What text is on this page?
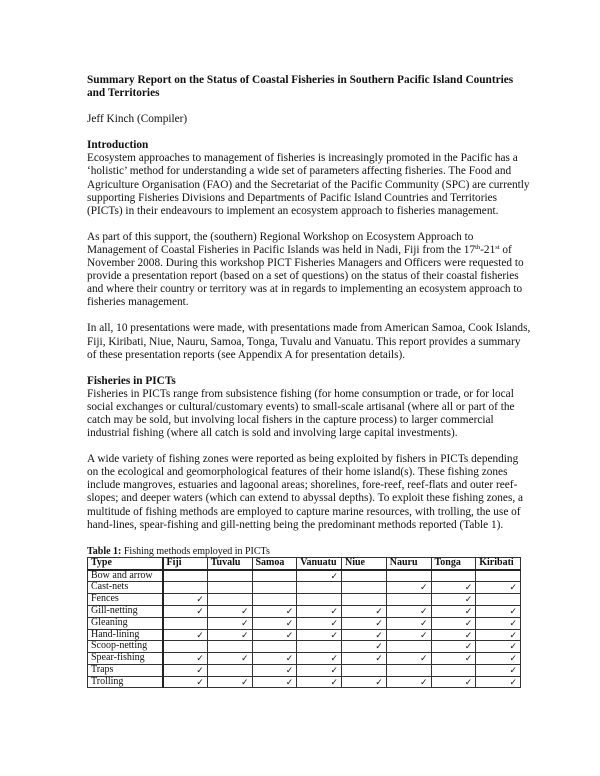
Summary Report on the Status of Coastal Fisheries in Southern Pacific Island Countries and Territories

Jeff Kinch (Compiler)

Introduction

Ecosystem approaches to management of fisheries is increasingly promoted in the Pacific has a ‘holistic’ method for understanding a wide set of parameters affecting fisheries. The Food and Agriculture Organisation (FAO) and the Secretariat of the Pacific Community (SPC) are currently supporting Fisheries Divisions and Departments of Pacific Island Countries and Territories (PICTs) in their endeavours to implement an ecosystem approach to fisheries management.

As part of this support, the (southern) Regional Workshop on Ecosystem Approach to Management of Coastal Fisheries in Pacific Islands was held in Nadi, Fiji from the 17th-21st of November 2008. During this workshop PICT Fisheries Managers and Officers were requested to provide a presentation report (based on a set of questions) on the status of their coastal fisheries and where their country or territory was at in regards to implementing an ecosystem approach to fisheries management.

In all, 10 presentations were made, with presentations made from American Samoa, Cook Islands, Fiji, Kiribati, Niue, Nauru, Samoa, Tonga, Tuvalu and Vanuatu. This report provides a summary of these presentation reports (see Appendix A for presentation details).

Fisheries in PICTs

Fisheries in PICTs range from subsistence fishing (for home consumption or trade, or for local social exchanges or cultural/customary events) to small-scale artisanal (where all or part of the catch may be sold, but involving local fishers in the capture process) to larger commercial industrial fishing (where all catch is sold and involving large capital investments).

A wide variety of fishing zones were reported as being exploited by fishers in PICTs depending on the ecological and geomorphological features of their home island(s). These fishing zones include mangroves, estuaries and lagoonal areas; shorelines, fore-reef, reef-flats and outer reef-slopes; and deeper waters (which can extend to abyssal depths). To exploit these fishing zones, a multitude of fishing methods are employed to capture marine resources, with trolling, the use of hand-lines, spear-fishing and gill-netting being the predominant methods reported (Table 1).

Table 1: Fishing methods employed in PICTs
Type	Fiji	Tuvalu	Samoa	Vanuatu	Niue	Nauru	Tonga	Kiribati
Bow and arrow				✓				
Cast-nets						✓	✓	✓
Fences	✓						✓	
Gill-netting	✓	✓	✓	✓	✓	✓	✓	✓
Gleaning		✓	✓	✓	✓	✓	✓	✓
Hand-lining	✓	✓	✓	✓	✓	✓	✓	✓
Scoop-netting					✓		✓	✓
Spear-fishing	✓	✓	✓	✓	✓	✓	✓	✓
Traps	✓		✓	✓				✓
Trolling	✓	✓	✓	✓	✓	✓	✓	✓
